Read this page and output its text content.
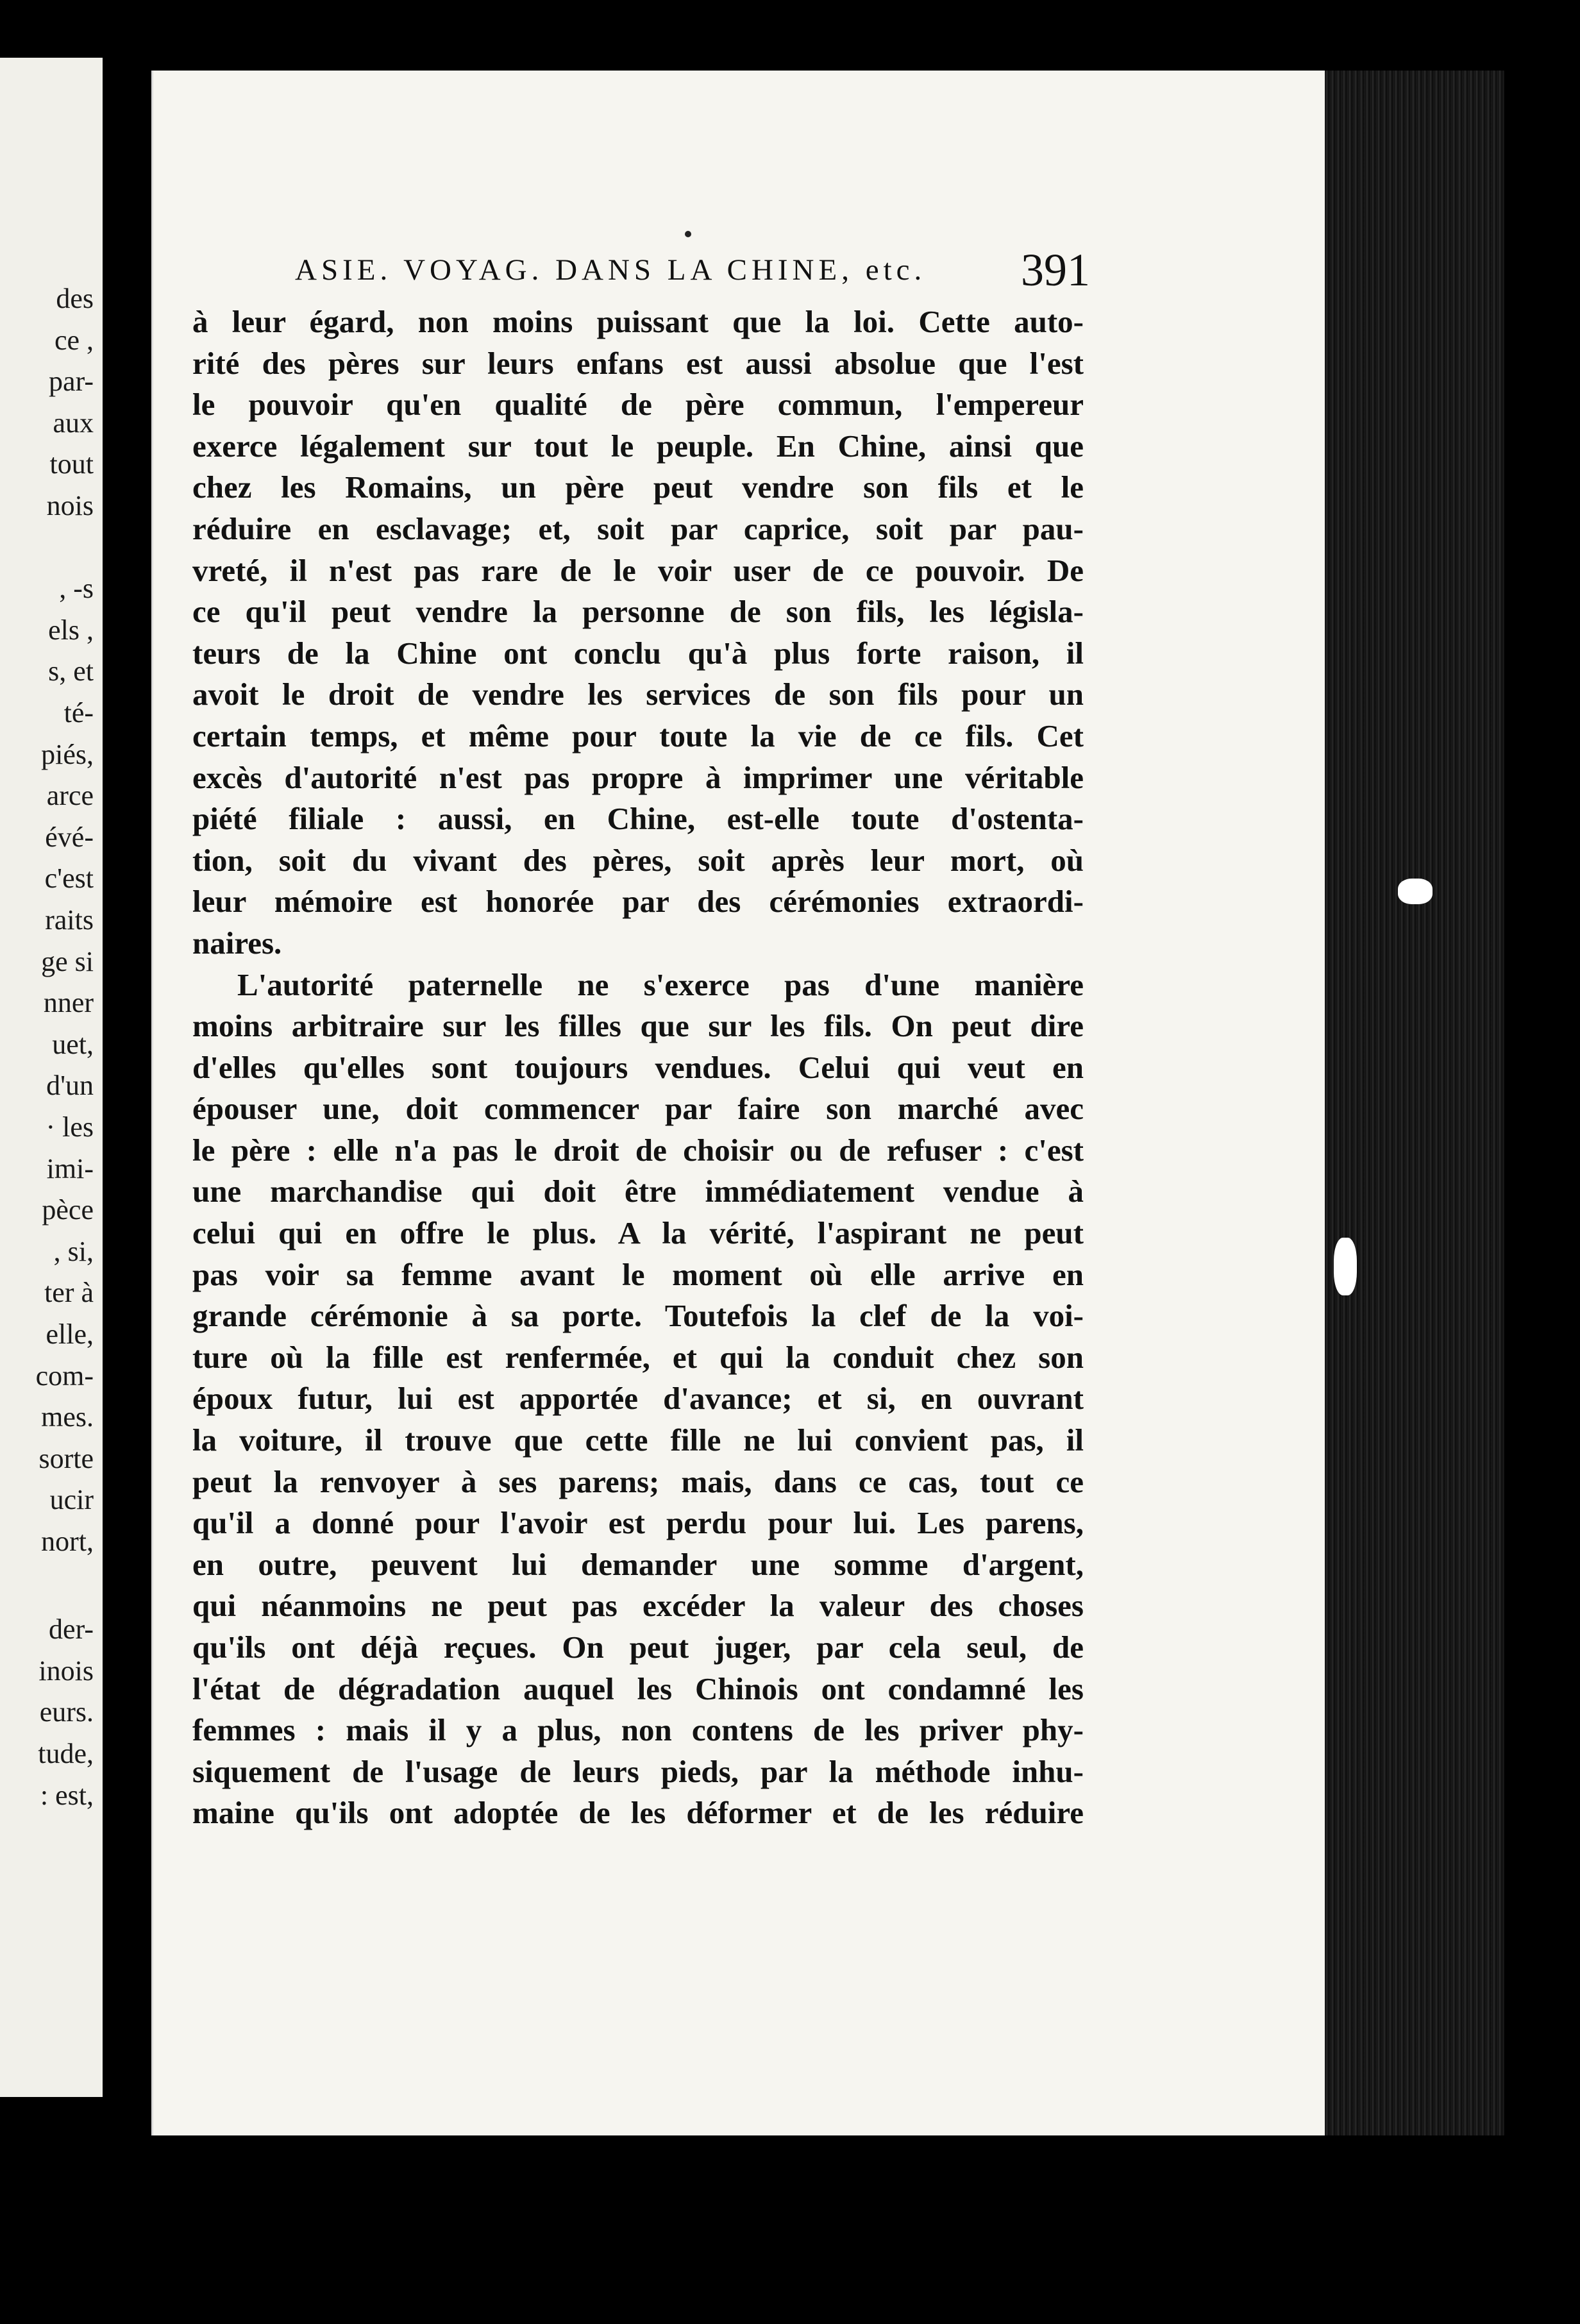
des
ce ,
par-
aux
tout
nois
, -s
els ,
s, et
té-
piés,
arce
évé-
c'est
raits
ge si
nner
uet,
d'un
· les
imi-
pèce
, si,
ter à
elle,
com-
mes.
sorte
ucir
nort,
der-
inois
eurs.
tude,
: est,
ASIE. VOYAG. DANS LA CHINE, etc. 391
à leur égard, non moins puissant que la loi. Cette auto-
rité des pères sur leurs enfans est aussi absolue que l'est
le pouvoir qu'en qualité de père commun, l'empereur
exerce légalement sur tout le peuple. En Chine, ainsi que
chez les Romains, un père peut vendre son fils et le
réduire en esclavage; et, soit par caprice, soit par pau-
vreté, il n'est pas rare de le voir user de ce pouvoir. De
ce qu'il peut vendre la personne de son fils, les législa-
teurs de la Chine ont conclu qu'à plus forte raison, il
avoit le droit de vendre les services de son fils pour un
certain temps, et même pour toute la vie de ce fils. Cet
excès d'autorité n'est pas propre à imprimer une véritable
piété filiale : aussi, en Chine, est-elle toute d'ostenta-
tion, soit du vivant des pères, soit après leur mort, où
leur mémoire est honorée par des cérémonies extraordi-
naires.
L'autorité paternelle ne s'exerce pas d'une manière
moins arbitraire sur les filles que sur les fils. On peut dire
d'elles qu'elles sont toujours vendues. Celui qui veut en
épouser une, doit commencer par faire son marché avec
le père : elle n'a pas le droit de choisir ou de refuser : c'est
une marchandise qui doit être immédiatement vendue à
celui qui en offre le plus. A la vérité, l'aspirant ne peut
pas voir sa femme avant le moment où elle arrive en
grande cérémonie à sa porte. Toutefois la clef de la voi-
ture où la fille est renfermée, et qui la conduit chez son
époux futur, lui est apportée d'avance; et si, en ouvrant
la voiture, il trouve que cette fille ne lui convient pas, il
peut la renvoyer à ses parens; mais, dans ce cas, tout ce
qu'il a donné pour l'avoir est perdu pour lui. Les parens,
en outre, peuvent lui demander une somme d'argent,
qui néanmoins ne peut pas excéder la valeur des choses
qu'ils ont déjà reçues. On peut juger, par cela seul, de
l'état de dégradation auquel les Chinois ont condamné les
femmes : mais il y a plus, non contens de les priver phy-
siquement de l'usage de leurs pieds, par la méthode inhu-
maine qu'ils ont adoptée de les déformer et de les réduire
